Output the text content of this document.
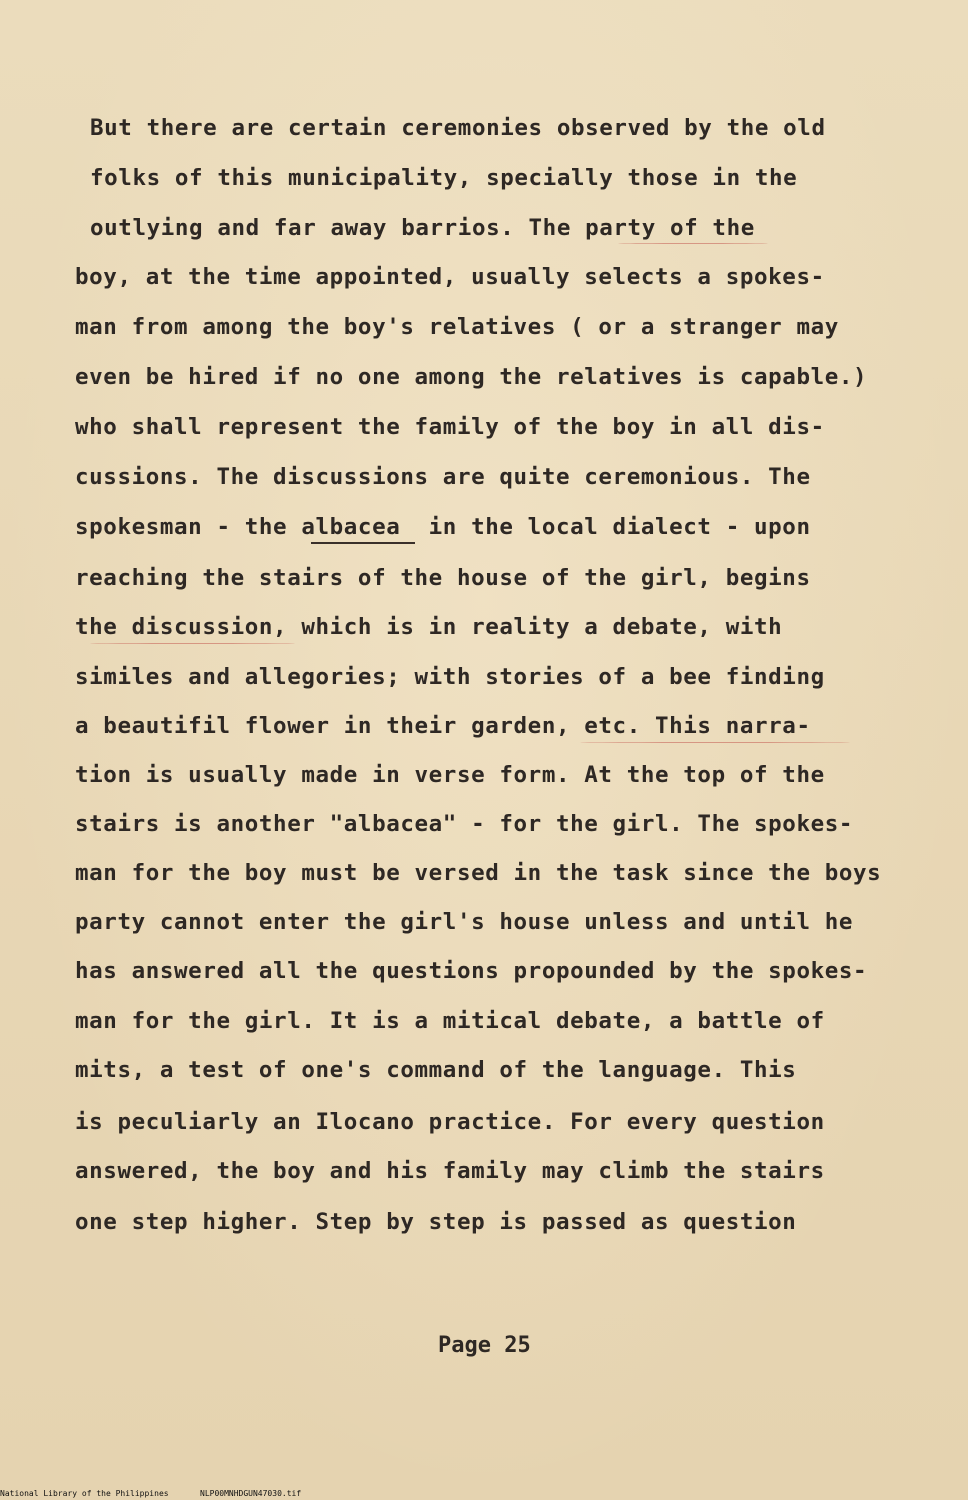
But there are certain ceremonies observed by the old
folks of this municipality, specially those in the
outlying and far away barrios. The party of the
boy, at the time appointed, usually selects a spokes-
man from among the boy's relatives ( or a stranger may
even be hired if no one among the relatives is capable.)
who shall represent the family of the boy in all dis-
cussions. The discussions are quite ceremonious. The
spokesman - the albacea  in the local dialect - upon
reaching the stairs of the house of the girl, begins
the discussion, which is in reality a debate, with
similes and allegories; with stories of a bee finding
a beautifil flower in their garden, etc. This narra-
tion is usually made in verse form. At the top of the
stairs is another "albacea" - for the girl. The spokes-
man for the boy must be versed in the task since the boys
party cannot enter the girl's house unless and until he
has answered all the questions propounded by the spokes-
man for the girl. It is a mitical debate, a battle of
mits, a test of one's command of the language. This
is peculiarly an Ilocano practice. For every question
answered, the boy and his family may climb the stairs
one step higher. Step by step is passed as question
Page 25
National Library of the Philippines	NLP00MNHDGUN47030.tif
